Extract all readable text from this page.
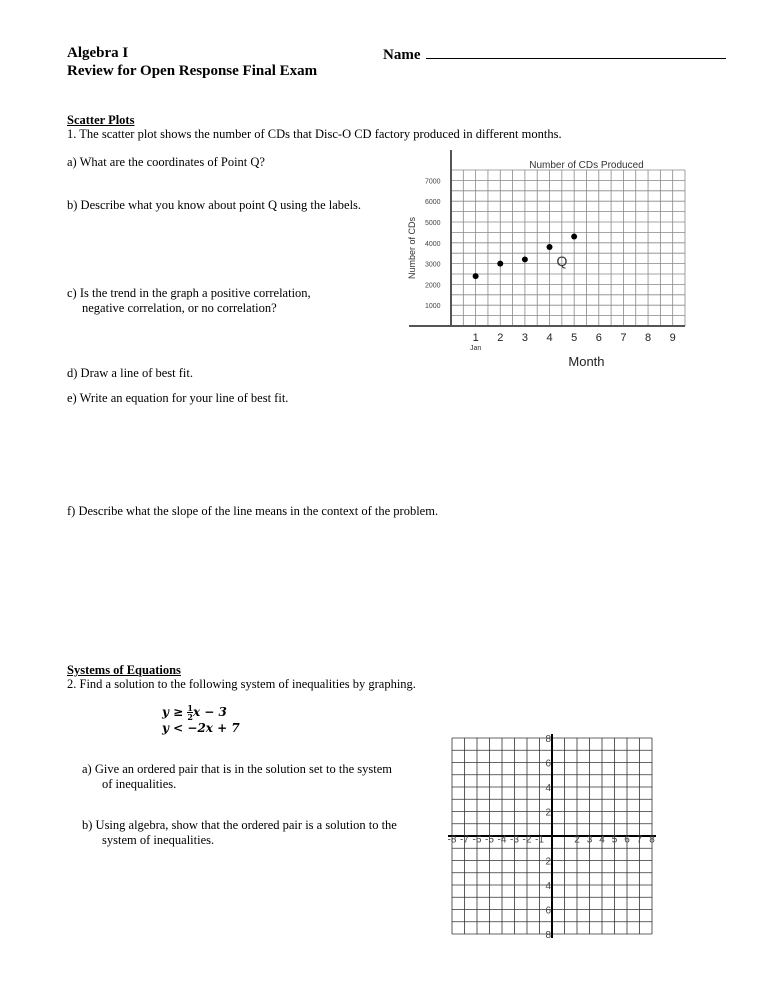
Algebra I
Review for Open Response Final Exam
Name
Scatter Plots
1. The scatter plot shows the number of CDs that Disc-O CD factory produced in different months.
a) What are the coordinates of Point Q?
b) Describe what you know about point Q using the labels.
c) Is the trend in the graph a positive correlation,
negative correlation, or no correlation?
d) Draw a line of best fit.
e) Write an equation for your line of best fit.
f) Describe what the slope of the line means in the context of the problem.
Number of CDs Produced
Number of CDs
Month
1000
2000
3000
4000
5000
6000
7000
1 2 3 4 5 6 7 8 9
Jan
Q
Systems of Equations
2. Find a solution to the following system of inequalities by graphing.
$y \ge \frac{1}{2}$ x − 3
y < −2x + 7
a) Give an ordered pair that is in the solution set to the system
of inequalities.
b) Using algebra, show that the ordered pair is a solution to the
system of inequalities.	-8 -7 -6 -5 -4 -3 -2 -1	2 3 4 5 6 7 8
8
6
4
2
2
4
6
8
